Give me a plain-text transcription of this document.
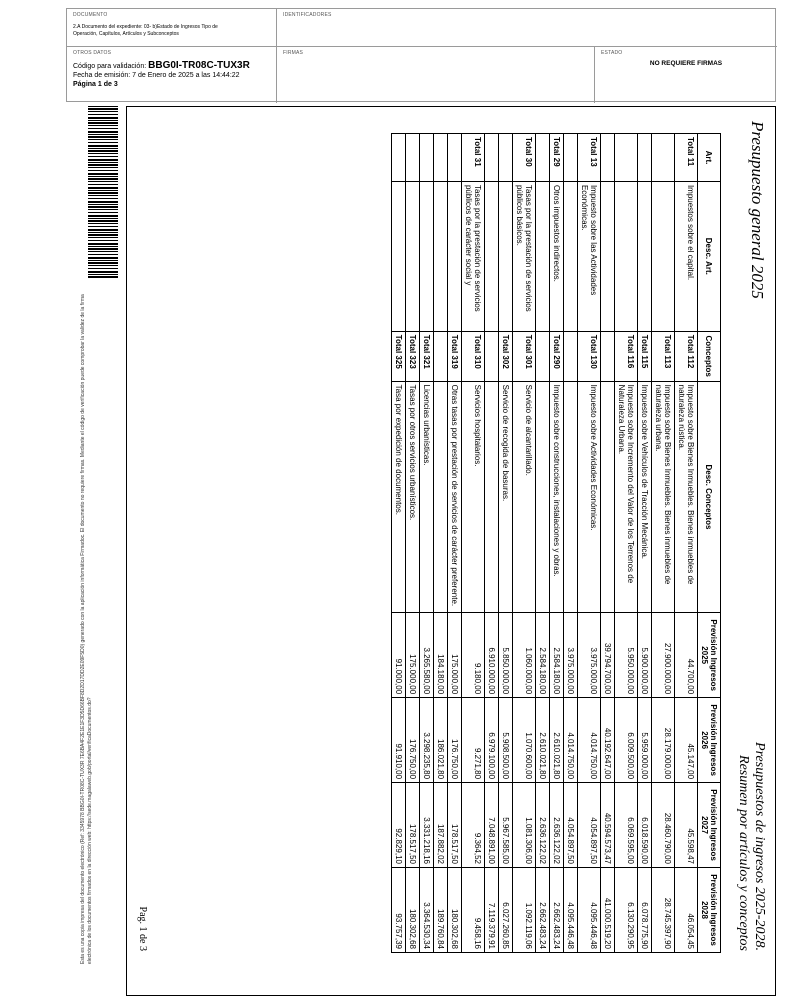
DOCUMENTO
2.A Documento del expediente: 03- b)Estado de Ingresos Tipo de Operación, Capítulos, Artículos y Subconceptos
IDENTIFICADORES
OTROS DATOS
Código para validación: BBG0I-TR08C-TUX3R
Fecha de emisión: 7 de Enero de 2025 a las 14:44:22
Página 1 de 3
FIRMAS	ESTADO
NO REQUIERE FIRMAS
Esta es una copia impresa del documento electrónico (Ref: 3345978 BBG0I-TR08C-TUX3R 7E6BA4F2E1E1F3D5D66BF8D2D17DD2E09F5D0) generado con la aplicación informática Firmadoc. El documento no requiere firmas. Mediante el código de verificación puede comprobar la validez de la firma electrónica de los documentos firmados en la dirección web: https://sede.magalaweb.gob/portal/verificaDocumentos.do?
Presupuesto general 2025
Presupuestos de ingresos 2025-2028.
Resumen por artículos y conceptos
Art.	Desc. Art.	Conceptos	Desc. Conceptos	Previsión Ingresos 2025	Previsión Ingresos 2026	Previsión Ingresos 2027	Previsión Ingresos 2028
Total 11	Impuestos sobre el capital.	Total 112	Impuesto sobre Bienes Inmuebles. Bienes inmuebles de naturaleza rústica.	44.700,00	45.147,00	45.598,47	46.054,45
		Total 113	Impuesto sobre Bienes Inmuebles. Bienes inmuebles de naturaleza urbana.	27.900.000,00	28.179.000,00	28.460.790,00	28.745.397,90
		Total 115	Impuesto sobre Vehículos de Tracción Mecánica.	5.900.000,00	5.959.000,00	6.018.590,00	6.078.775,90
		Total 116	Impuesto sobre Incremento del Valor de los Terrenos de Naturaleza Urbana.	5.950.000,00	6.009.500,00	6.069.595,00	6.130.290,95
				39.794.700,00	40.192.647,00	40.594.573,47	41.000.519,20
Total 13	Impuesto sobre las Actividades Económicas.	Total 130	Impuesto sobre Actividades Económicas.	3.975.000,00	4.014.750,00	4.054.897,50	4.095.446,48
				3.975.000,00	4.014.750,00	4.054.897,50	4.095.446,48
Total 29	Otros impuestos indirectos.	Total 290	Impuesto sobre construcciones, instalaciones y obras.	2.584.180,00	2.610.021,80	2.636.122,02	2.662.483,24
				2.584.180,00	2.610.021,80	2.636.122,02	2.662.483,24
Total 30	Tasas por la prestación de servicios públicos básicos.	Total 301	Servicio de alcantarillado.	1.060.000,00	1.070.600,00	1.081.306,00	1.092.119,06
		Total 302	Servicio de recogida de basuras.	5.850.000,00	5.908.500,00	5.967.585,00	6.027.260,85
				6.910.000,00	6.979.100,00	7.048.891,00	7.119.379,91
Total 31	Tasas por la prestación de servicios públicos de carácter social y	Total 310	Servicios hospitalarios.	9.180,00	9.271,80	9.364,52	9.458,16
		Total 319	Otras tasas por prestación de servicios de carácter preferente.	175.000,00	176.750,00	178.517,50	180.302,68
				184.180,00	186.021,80	187.882,02	189.760,84
		Total 321	Licencias urbanísticas.	3.265.580,00	3.298.235,80	3.331.218,16	3.364.530,34
		Total 323	Tasas por otros servicios urbanísticos.	175.000,00	176.750,00	178.517,50	180.302,68
		Total 325	Tasa por expedición de documentos.	91.000,00	91.910,00	92.829,10	93.757,39
Pag. 1 de 3
